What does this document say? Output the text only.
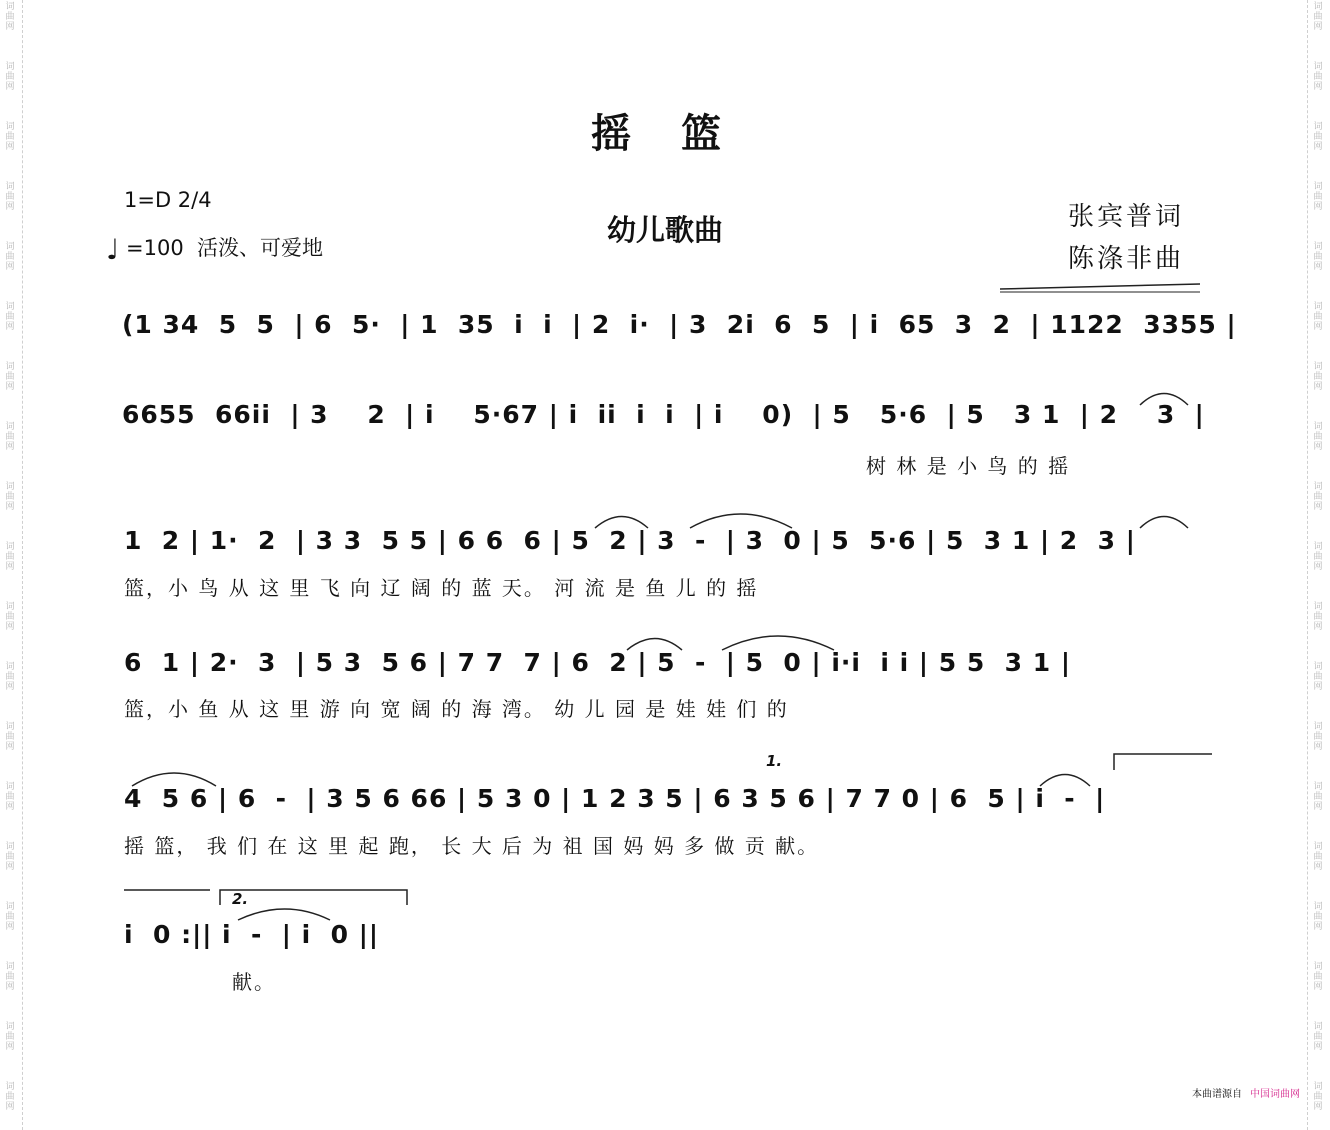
词曲网
词曲网
词曲网
词曲网
词曲网
词曲网
词曲网
词曲网
词曲网
词曲网
词曲网
词曲网
词曲网
词曲网
词曲网
词曲网
词曲网
词曲网
词曲网
词曲网
词曲网
词曲网
词曲网
词曲网
词曲网
词曲网
词曲网
词曲网
词曲网
词曲网
词曲网
词曲网
词曲网
词曲网
词曲网
词曲网
词曲网
词曲网
摇 篮
1=D 2/4
♩ =100 活泼、可爱地
幼儿歌曲	张宾普词
陈涤非曲
1.
2.
(1 34  5  5  | 6  5·  | 1  35  i  i  | 2  i·  | 3  2i  6  5  | i  65  3  2  | 1122  3355 |
6655  66ii  | 3    2  | i    5·67 | i  ii  i  i  | i    0)  | 5   5·6  | 5   3 1  | 2    3  |
树 林 是 小 鸟 的 摇
1  2 | 1·  2  | 3 3  5 5 | 6 6  6 | 5  2 | 3  -  | 3  0 | 5  5·6 | 5  3 1 | 2  3 |
篮，小 鸟 从 这 里 飞 向 辽 阔 的 蓝 天。 河 流 是 鱼 儿 的 摇
6  1 | 2·  3  | 5 3  5 6 | 7 7  7 | 6  2 | 5  -  | 5  0 | i·i  i i | 5 5  3 1 |
篮，小 鱼 从 这 里 游 向 宽 阔 的 海 湾。 幼 儿 园 是 娃 娃 们 的
4  5 6 | 6  -  | 3 5 6 66 | 5 3 0 | 1 2 3 5 | 6 3 5 6 | 7 7 0 | 6  5 | i  -  |
摇 篮， 我 们 在 这 里 起 跑， 长 大 后 为 祖 国 妈 妈 多 做 贡 献。
i  0 :|| i  -  | i  0 ||
献。
本曲谱源自 中国词曲网
